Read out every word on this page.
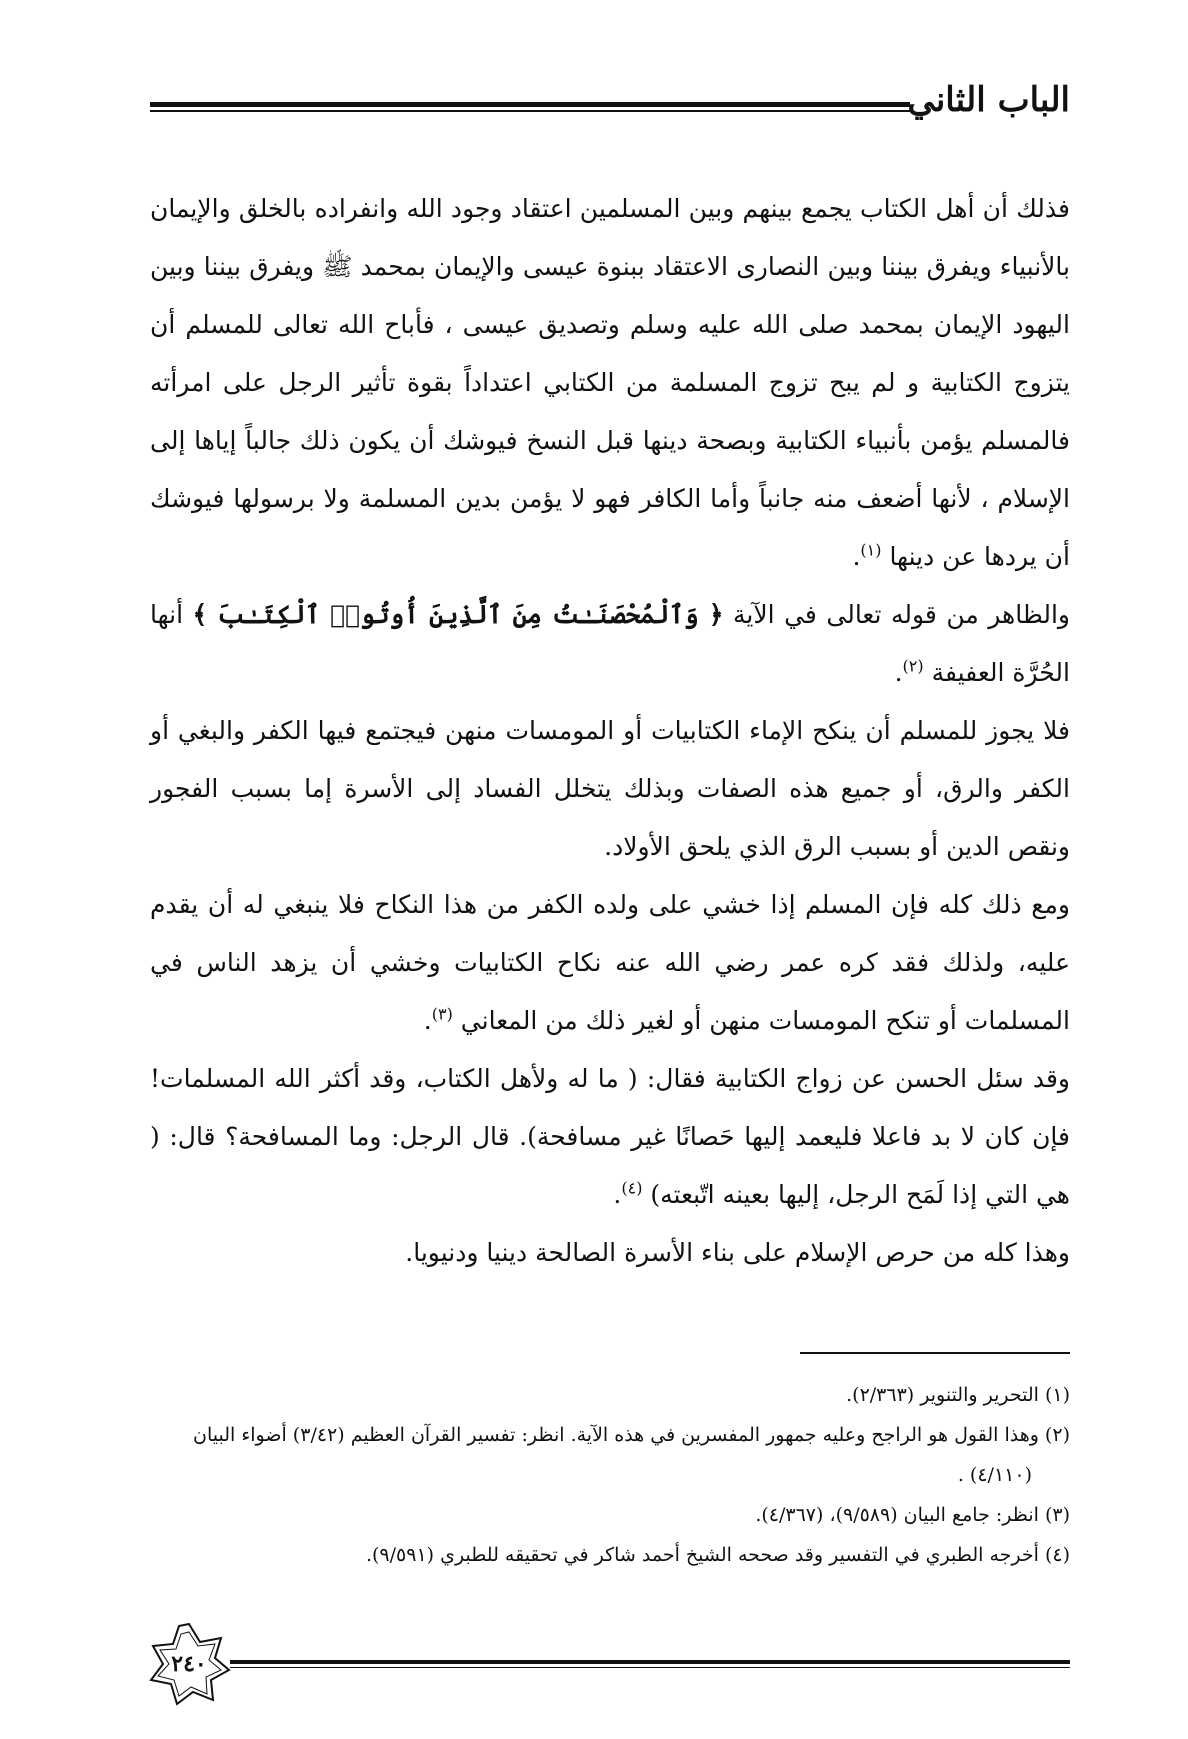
الباب الثاني

فذلك أن أهل الكتاب يجمع بينهم وبين المسلمين اعتقاد وجود الله وانفراده بالخلق والإيمان بالأنبياء ويفرق بيننا وبين النصارى الاعتقاد ببنوة عيسى والإيمان بمحمد ﷺ ويفرق بيننا وبين اليهود الإيمان بمحمد صلى الله عليه وسلم وتصديق عيسى ، فأباح الله تعالى للمسلم أن يتزوج الكتابية و لم يبح تزوج المسلمة من الكتابي اعتداداً بقوة تأثير الرجل على امرأته فالمسلم يؤمن بأنبياء الكتابية وبصحة دينها قبل النسخ فيوشك أن يكون ذلك جالباً إياها إلى الإسلام ، لأنها أضعف منه جانباً وأما الكافر فهو لا يؤمن بدين المسلمة ولا برسولها فيوشك أن يردها عن دينها $^{(١)}$.

والظاهر من قوله تعالى في الآية ﴿ وَٱلْمُحْصَنَـٰتُ مِنَ ٱلَّذِينَ أُوتُوا۟ ٱلْكِتَـٰبَ ﴾ أنها الحُرَّة العفيفة $^{(٢)}$.

فلا يجوز للمسلم أن ينكح الإماء الكتابيات أو المومسات منهن فيجتمع فيها الكفر والبغي أو الكفر والرق، أو جميع هذه الصفات وبذلك يتخلل الفساد إلى الأسرة إما بسبب الفجور ونقص الدين أو بسبب الرق الذي يلحق الأولاد.

ومع ذلك كله فإن المسلم إذا خشي على ولده الكفر من هذا النكاح فلا ينبغي له أن يقدم عليه، ولذلك فقد كره عمر رضي الله عنه نكاح الكتابيات وخشي أن يزهد الناس في المسلمات أو تنكح المومسات منهن أو لغير ذلك من المعاني $^{(٣)}$.

وقد سئل الحسن عن زواج الكتابية فقال: ( ما له ولأهل الكتاب، وقد أكثر الله المسلمات! فإن كان لا بد فاعلا فليعمد إليها حَصانًا غير مسافحة). قال الرجل: وما المسافحة؟ قال: ( هي التي إذا لَمَح الرجل، إليها بعينه اتّبعته) $^{(٤)}$.

وهذا كله من حرص الإسلام على بناء الأسرة الصالحة دينيا ودنيويا.

(١) التحرير والتنوير (٢/٣٦٣).

(٢) وهذا القول هو الراجح وعليه جمهور المفسرين في هذه الآية. انظر: تفسير القرآن العظيم (٣/٤٢) أضواء البيان

(٤/١١٠) .

(٣) انظر: جامع البيان (٩/٥٨٩)، (٤/٣٦٧).

(٤) أخرجه الطبري في التفسير وقد صححه الشيخ أحمد شاكر في تحقيقه للطبري (٩/٥٩١).

٢٤٠
